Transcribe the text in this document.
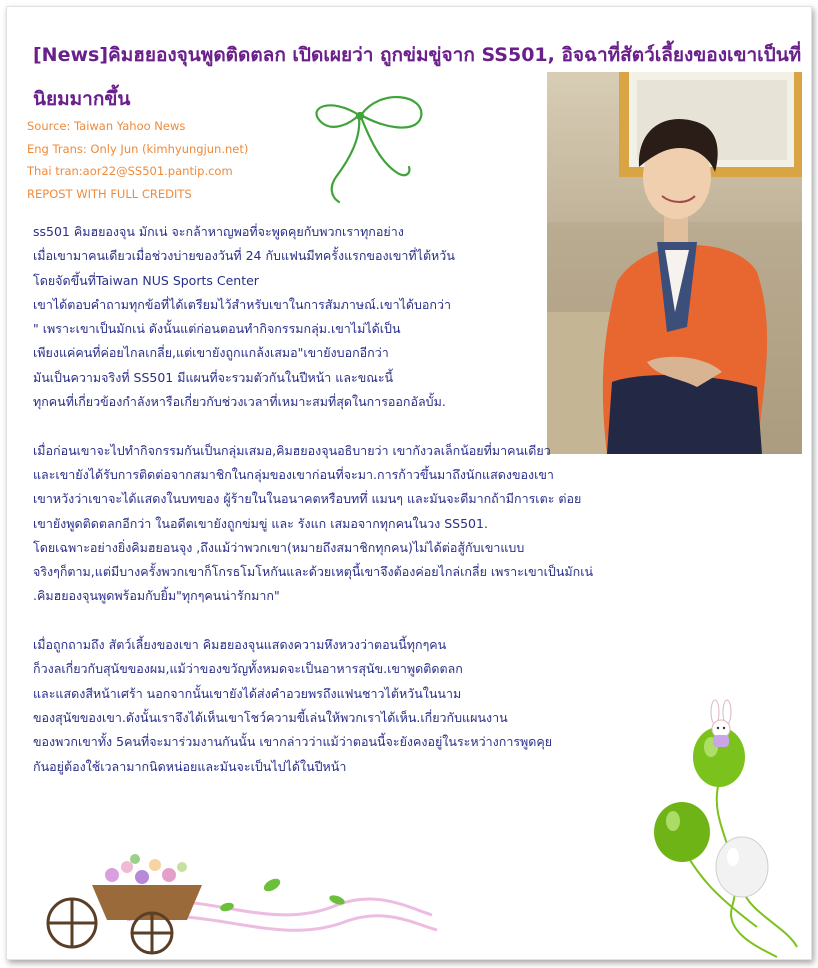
[News]คิมฮยองจุนพูดติดตลก เปิดเผยว่า ถูกข่มขู่จาก SS501, อิจฉาที่สัตว์เลี้ยงของเขาเป็นที่นิยมมากขึ้น
Source: Taiwan Yahoo News
Eng Trans: Only Jun (kimhyungjun.net)
Thai tran:aor22@SS501.pantip.com
REPOST WITH FULL CREDITS
ss501 คิมฮยองจุน มักเน่ จะกล้าหาญพอที่จะพูดคุยกับพวกเราทุกอย่าง
เมื่อเขามาคนเดียวเมื่อช่วงบ่ายของวันที่ 24 กับแฟนมีทครั้งแรกของเขาที่ไต้หวัน
โดยจัดขึ้นที่Taiwan NUS Sports Center
เขาได้ตอบคำถามทุกข้อที่ได้เตรียมไว้สำหรับเขาในการสัมภาษณ์.เขาได้บอกว่า
" เพราะเขาเป็นมักเน่ ดังนั้นแต่ก่อนตอนทำกิจกรรมกลุ่ม.เขาไม่ได้เป็น
เพียงแค่คนที่ค่อยไกลเกลี่ย,แต่เขายังถูกแกล้งเสมอ"เขายังบอกอีกว่า
มันเป็นความจริงที่ SS501 มีแผนที่จะรวมตัวกันในปีหน้า และขณะนี้
ทุกคนที่เกี่ยวข้องกำลังหารือเกี่ยวกับช่วงเวลาที่เหมาะสมที่สุดในการออกอัลบั้ม.
เมื่อก่อนเขาจะไปทำกิจกรรมกันเป็นกลุ่มเสมอ,คิมฮยองจุนอธิบายว่า เขากังวลเล็กน้อยที่มาคนเดียว
และเขายังได้รับการติดต่อจากสมาชิกในกลุ่มของเขาก่อนที่จะมา.การก้าวขึ้นมาถึงนักแสดงของเขา
เขาหวังว่าเขาจะได้แสดงในบทของ ผู้ร้ายในในอนาคตหรือบททึ่ แมนๆ และมันจะดีมากถ้ามีการเตะ ต่อย
เขายังพูดติดตลกอีกว่า ในอดีตเขายังถูกข่มขู่ และ รังแก เสมอจากทุกคนในวง SS501.
โดยเฉพาะอย่างยิ่งคิมฮยอนจุง ,ถึงแม้ว่าพวกเขา(หมายถึงสมาชิกทุกคน)ไม่ได้ต่อสู้กับเขาแบบ
จริงๆก็ตาม,แต่มีบางครั้งพวกเขาก็โกรธโมโหกันและด้วยเหตุนี้เขาจึงต้องค่อยไกล่เกลี่ย เพราะเขาเป็นมักเน่
.คิมฮยองจุนพูดพร้อมกับยิ้ม"ทุกๆคนน่ารักมาก"
เมื่อถูกถามถึง สัตว์เลี้ยงของเขา คิมฮยองจุนแสดงความหึงหวงว่าตอนนี้ทุกๆคน
ก็วงลเกี่ยวกับสุนัขของผม,แม้ว่าของขวัญทั้งหมดจะเป็นอาหารสุนัข.เขาพูดติดตลก
และแสดงสีหน้าเศร้า นอกจากนั้นเขายังได้ส่งคำอวยพรถึงแฟนชาวไต้หวันในนาม
ของสุนัขของเขา.ดังนั้นเราจึงได้เห็นเขาโชว์ความขี้เล่นให้พวกเราได้เห็น.เกี่ยวกับแผนงาน
ของพวกเขาทั้ง 5คนที่จะมาร่วมงานกันนั้น เขากล่าวว่าแม้ว่าตอนนี้จะยังคงอยู่ในระหว่างการพูดคุย
กันอยู่ต้องใช้เวลามากนิดหน่อยและมันจะเป็นไปได้ในปีหน้า
